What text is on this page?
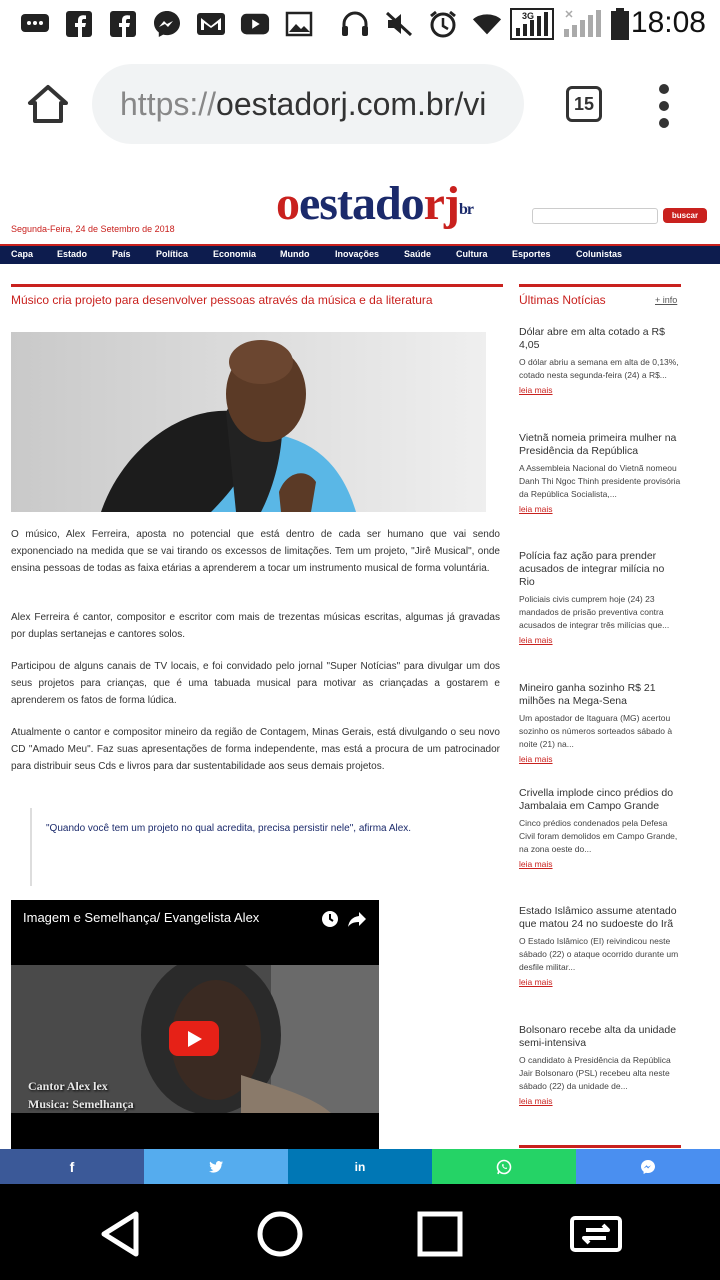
3G	18:08
https:// oestadorj.com.br/vi	15
oestadorj$^{br}$
Segunda-Feira, 24 de Setembro de 2018
buscar
Capa	Estado	País	Política	Economia	Mundo	Inovações	Saúde	Cultura	Esportes	Colunistas
Músico cria projeto para desenvolver pessoas através da música e da literatura
O músico, Alex Ferreira, aposta no potencial que está dentro de cada ser humano que vai sendo exponenciado na medida que se vai tirando os excessos de limitações. Tem um projeto, "Jirê Musical", onde ensina pessoas de todas as faixa etárias a aprenderem a tocar um instrumento musical de forma voluntária.
Alex Ferreira é cantor, compositor e escritor com mais de trezentas músicas escritas, algumas já gravadas por duplas sertanejas e cantores solos.
Participou de alguns canais de TV locais, e foi convidado pelo jornal "Super Notícias" para divulgar um dos seus projetos para crianças, que é uma tabuada musical para motivar as criançadas a gostarem e aprenderem os fatos de forma lúdica.
Atualmente o cantor e compositor mineiro da região de Contagem, Minas Gerais, está divulgando o seu novo CD "Amado Meu". Faz suas apresentações de forma independente, mas está a procura de um patrocinador para distribuir seus Cds e livros para dar sustentabilidade aos seus demais projetos.
"Quando você tem um projeto no qual acredita, precisa persistir nele", afirma Alex.
Imagem e Semelhança/ Evangelista Alex
Cantor Alex lex
Musica: Semelhança
Últimas Notícias	+ info
Dólar abre em alta cotado a R$ 4,05
O dólar abriu a semana em alta de 0,13%, cotado nesta segunda-feira (24) a R$...
leia mais
Vietnã nomeia primeira mulher na Presidência da República
A Assembleia Nacional do Vietnã nomeou Danh Thi Ngoc Thinh presidente provisória da República Socialista,...
leia mais
Polícia faz ação para prender acusados de integrar milícia no Rio
Policiais civis cumprem hoje (24) 23 mandados de prisão preventiva contra acusados de integrar três milícias que...
leia mais
Mineiro ganha sozinho R$ 21 milhões na Mega-Sena
Um apostador de Itaguara (MG) acertou sozinho os números sorteados sábado à noite (21) na...
leia mais
Crivella implode cinco prédios do Jambalaia em Campo Grande
Cinco prédios condenados pela Defesa Civil foram demolidos em Campo Grande, na zona oeste do...
leia mais
Estado Islâmico assume atentado que matou 24 no sudoeste do Irã
O Estado Islâmico (EI) reivindicou neste sábado (22) o ataque ocorrido durante um desfile militar...
leia mais
Bolsonaro recebe alta da unidade semi-intensiva
O candidato à Presidência da República Jair Bolsonaro (PSL) recebeu alta neste sábado (22) da unidade de...
leia mais
f	in
